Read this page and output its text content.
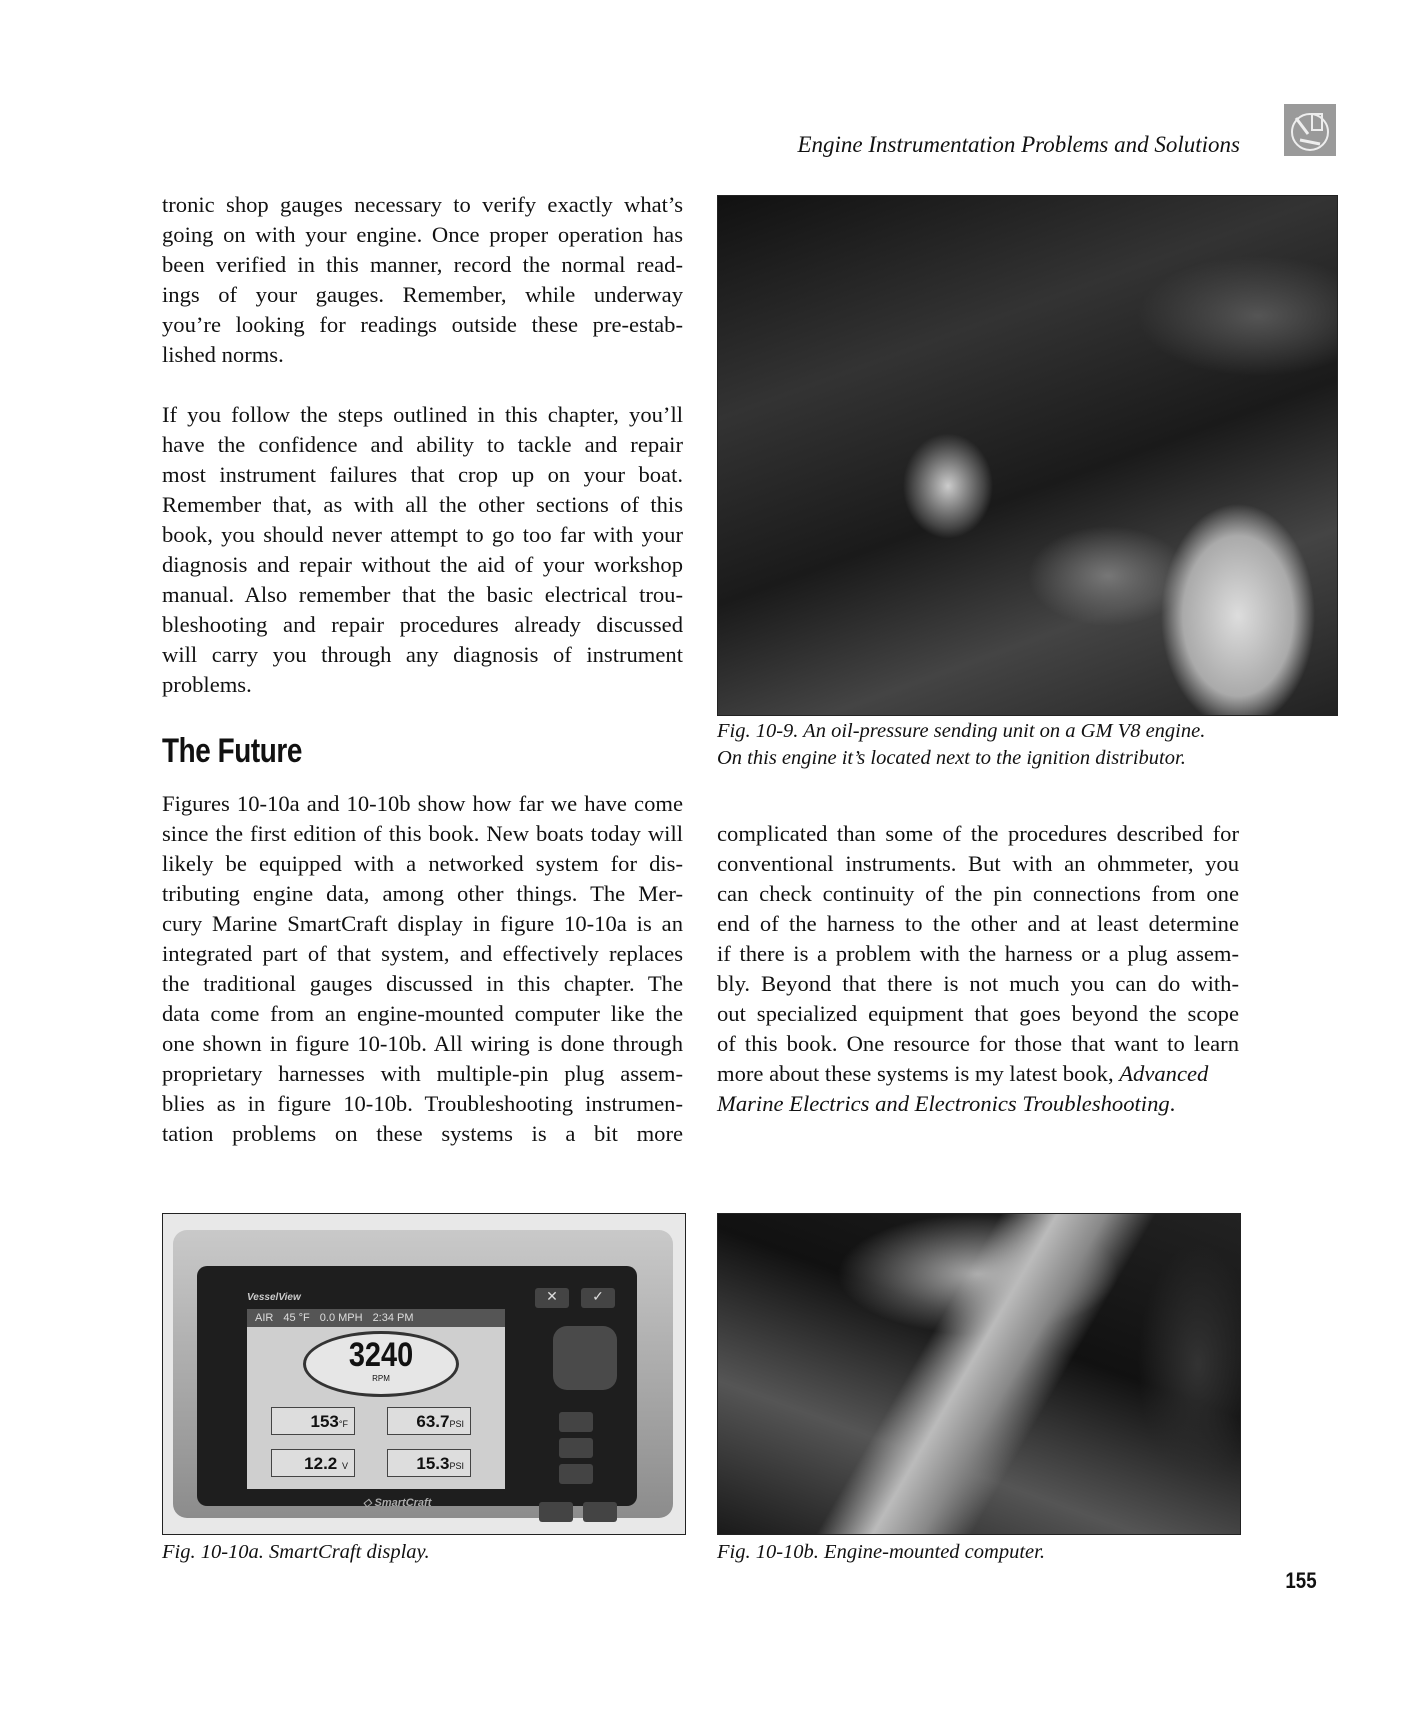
Engine Instrumentation Problems and Solutions
tronic shop gauges necessary to verify exactly what’s
going on with your engine. Once proper operation has
been verified in this manner, record the normal read-
ings of your gauges. Remember, while underway
you’re looking for readings outside these pre-estab-
lished norms.
If you follow the steps outlined in this chapter, you’ll
have the confidence and ability to tackle and repair
most instrument failures that crop up on your boat.
Remember that, as with all the other sections of this
book, you should never attempt to go too far with your
diagnosis and repair without the aid of your workshop
manual. Also remember that the basic electrical trou-
bleshooting and repair procedures already discussed
will carry you through any diagnosis of instrument
problems.
The Future
Figures 10-10a and 10-10b show how far we have come
since the first edition of this book. New boats today will
likely be equipped with a networked system for dis-
tributing engine data, among other things. The Mer-
cury Marine SmartCraft display in figure 10-10a is an
integrated part of that system, and effectively replaces
the traditional gauges discussed in this chapter. The
data come from an engine-mounted computer like the
one shown in figure 10-10b. All wiring is done through
proprietary harnesses with multiple-pin plug assem-
blies as in figure 10-10b. Troubleshooting instrumen-
tation problems on these systems is a bit more
Fig. 10-9. An oil-pressure sending unit on a GM V8 engine.
On this engine it’s located next to the ignition distributor.
complicated than some of the procedures described for
conventional instruments. But with an ohmmeter, you
can check continuity of the pin connections from one
end of the harness to the other and at least determine
if there is a problem with the harness or a plug assem-
bly. Beyond that there is not much you can do with-
out specialized equipment that goes beyond the scope
of this book. One resource for those that want to learn
more about these systems is my latest book, Advanced
Marine Electrics and Electronics Troubleshooting.
VesselView
AIR 45 °F 0.0 MPH 2:34 PM
3240
RPM
153°F	63.7PSI
12.2 V	15.3PSI
✕	✓
◇ SmartCraft
Fig. 10-10a. SmartCraft display.	Fig. 10-10b. Engine-mounted computer.
155
